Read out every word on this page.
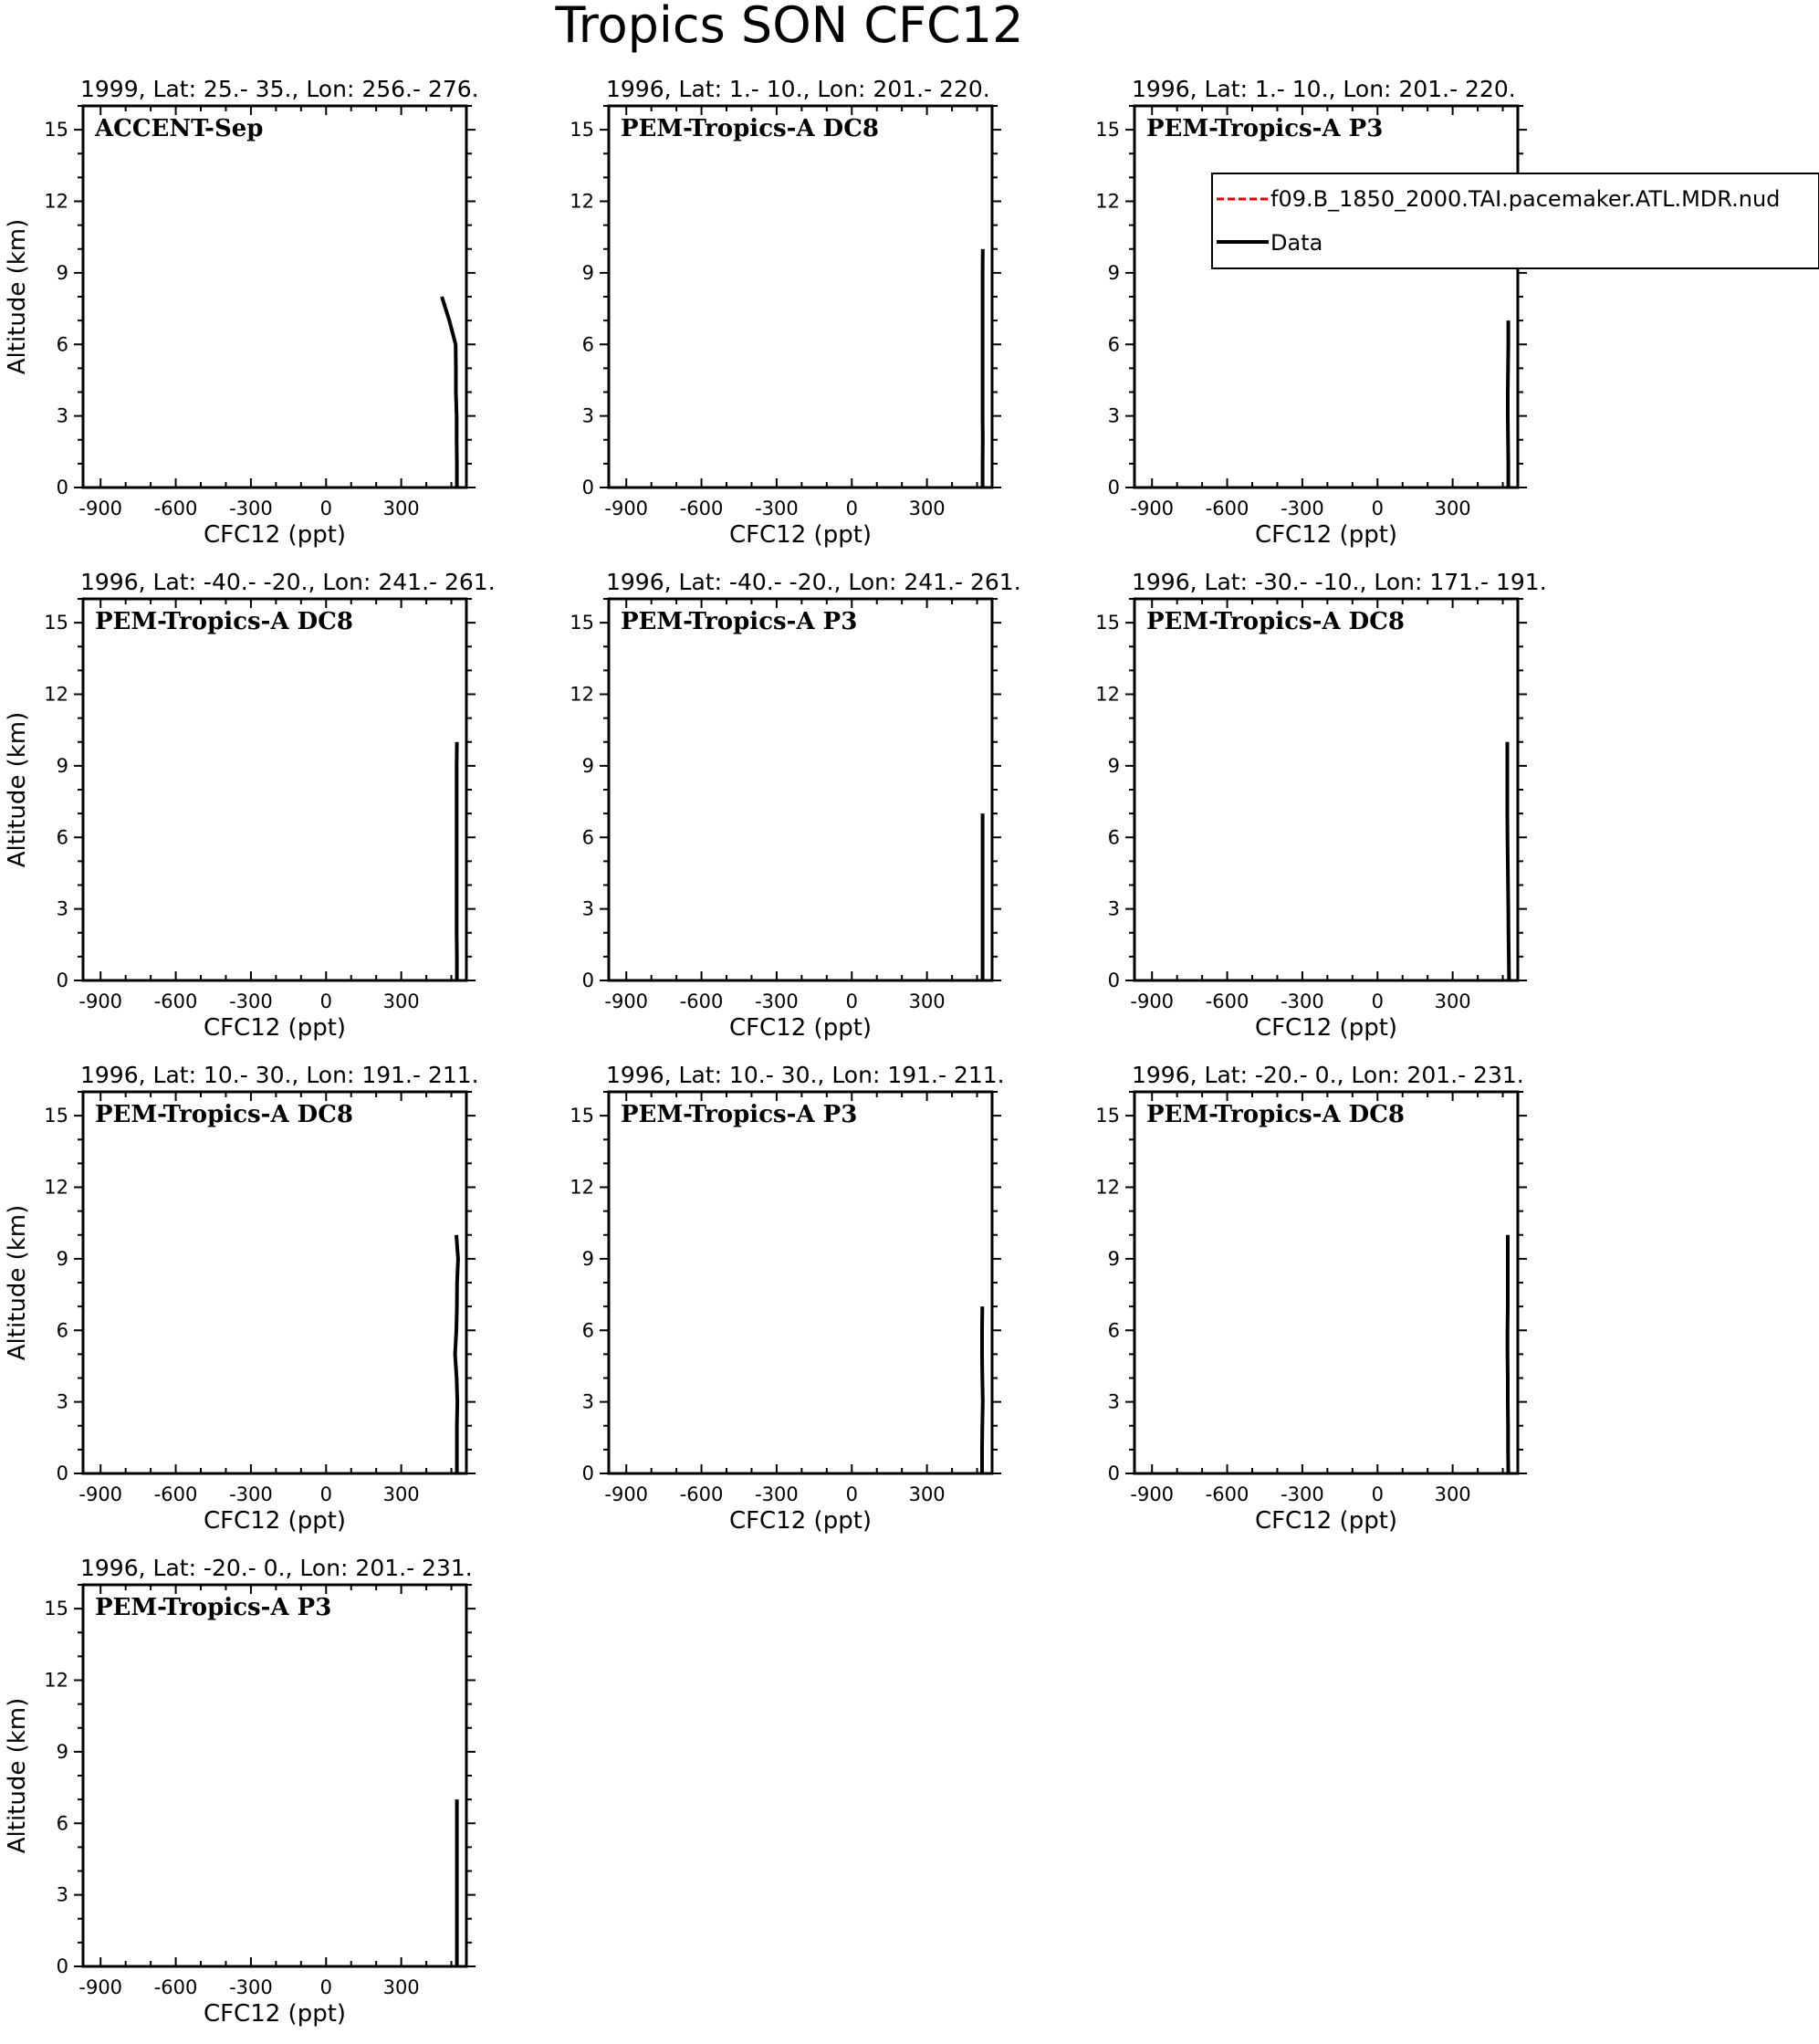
Tropics SON CFC12
1999, Lat: 25.- 35., Lon: 256.- 276.
ACCENT-Sep
-900 -600 -300 0	300
0
3
6
9
12
15
CFC12 (ppt)
Altitude (km)
1996, Lat: 1.- 10., Lon: 201.- 220.
PEM-Tropics-A DC8
-900 -600 -300 0	300
0
3
6
9
12
15
CFC12 (ppt)
1996, Lat: 1.- 10., Lon: 201.- 220.
PEM-Tropics-A P3
-900 -600 -300 0	300
0
3
6
9
12
15
CFC12 (ppt)
1996, Lat: -40.- -20., Lon: 241.- 261.
PEM-Tropics-A DC8
-900 -600 -300 0	300
0
3
6
9
12
15
CFC12 (ppt)
Altitude (km)
1996, Lat: -40.- -20., Lon: 241.- 261.
PEM-Tropics-A P3
-900 -600 -300 0	300
0
3
6
9
12
15
CFC12 (ppt)
1996, Lat: -30.- -10., Lon: 171.- 191.
PEM-Tropics-A DC8
-900 -600 -300 0	300
0
3
6
9
12
15
CFC12 (ppt)
1996, Lat: 10.- 30., Lon: 191.- 211.
PEM-Tropics-A DC8
-900 -600 -300 0	300
0
3
6
9
12
15
CFC12 (ppt)
Altitude (km)
1996, Lat: 10.- 30., Lon: 191.- 211.
PEM-Tropics-A P3
-900 -600 -300 0	300
0
3
6
9
12
15
CFC12 (ppt)
1996, Lat: -20.- 0., Lon: 201.- 231.
PEM-Tropics-A DC8
-900 -600 -300 0	300
0
3
6
9
12
15
CFC12 (ppt)
1996, Lat: -20.- 0., Lon: 201.- 231.
PEM-Tropics-A P3
-900 -600 -300 0	300
0
3
6
9
12
15
CFC12 (ppt)
Altitude (km)
f09.B_1850_2000.TAI.pacemaker.ATL.MDR.nud
Data
